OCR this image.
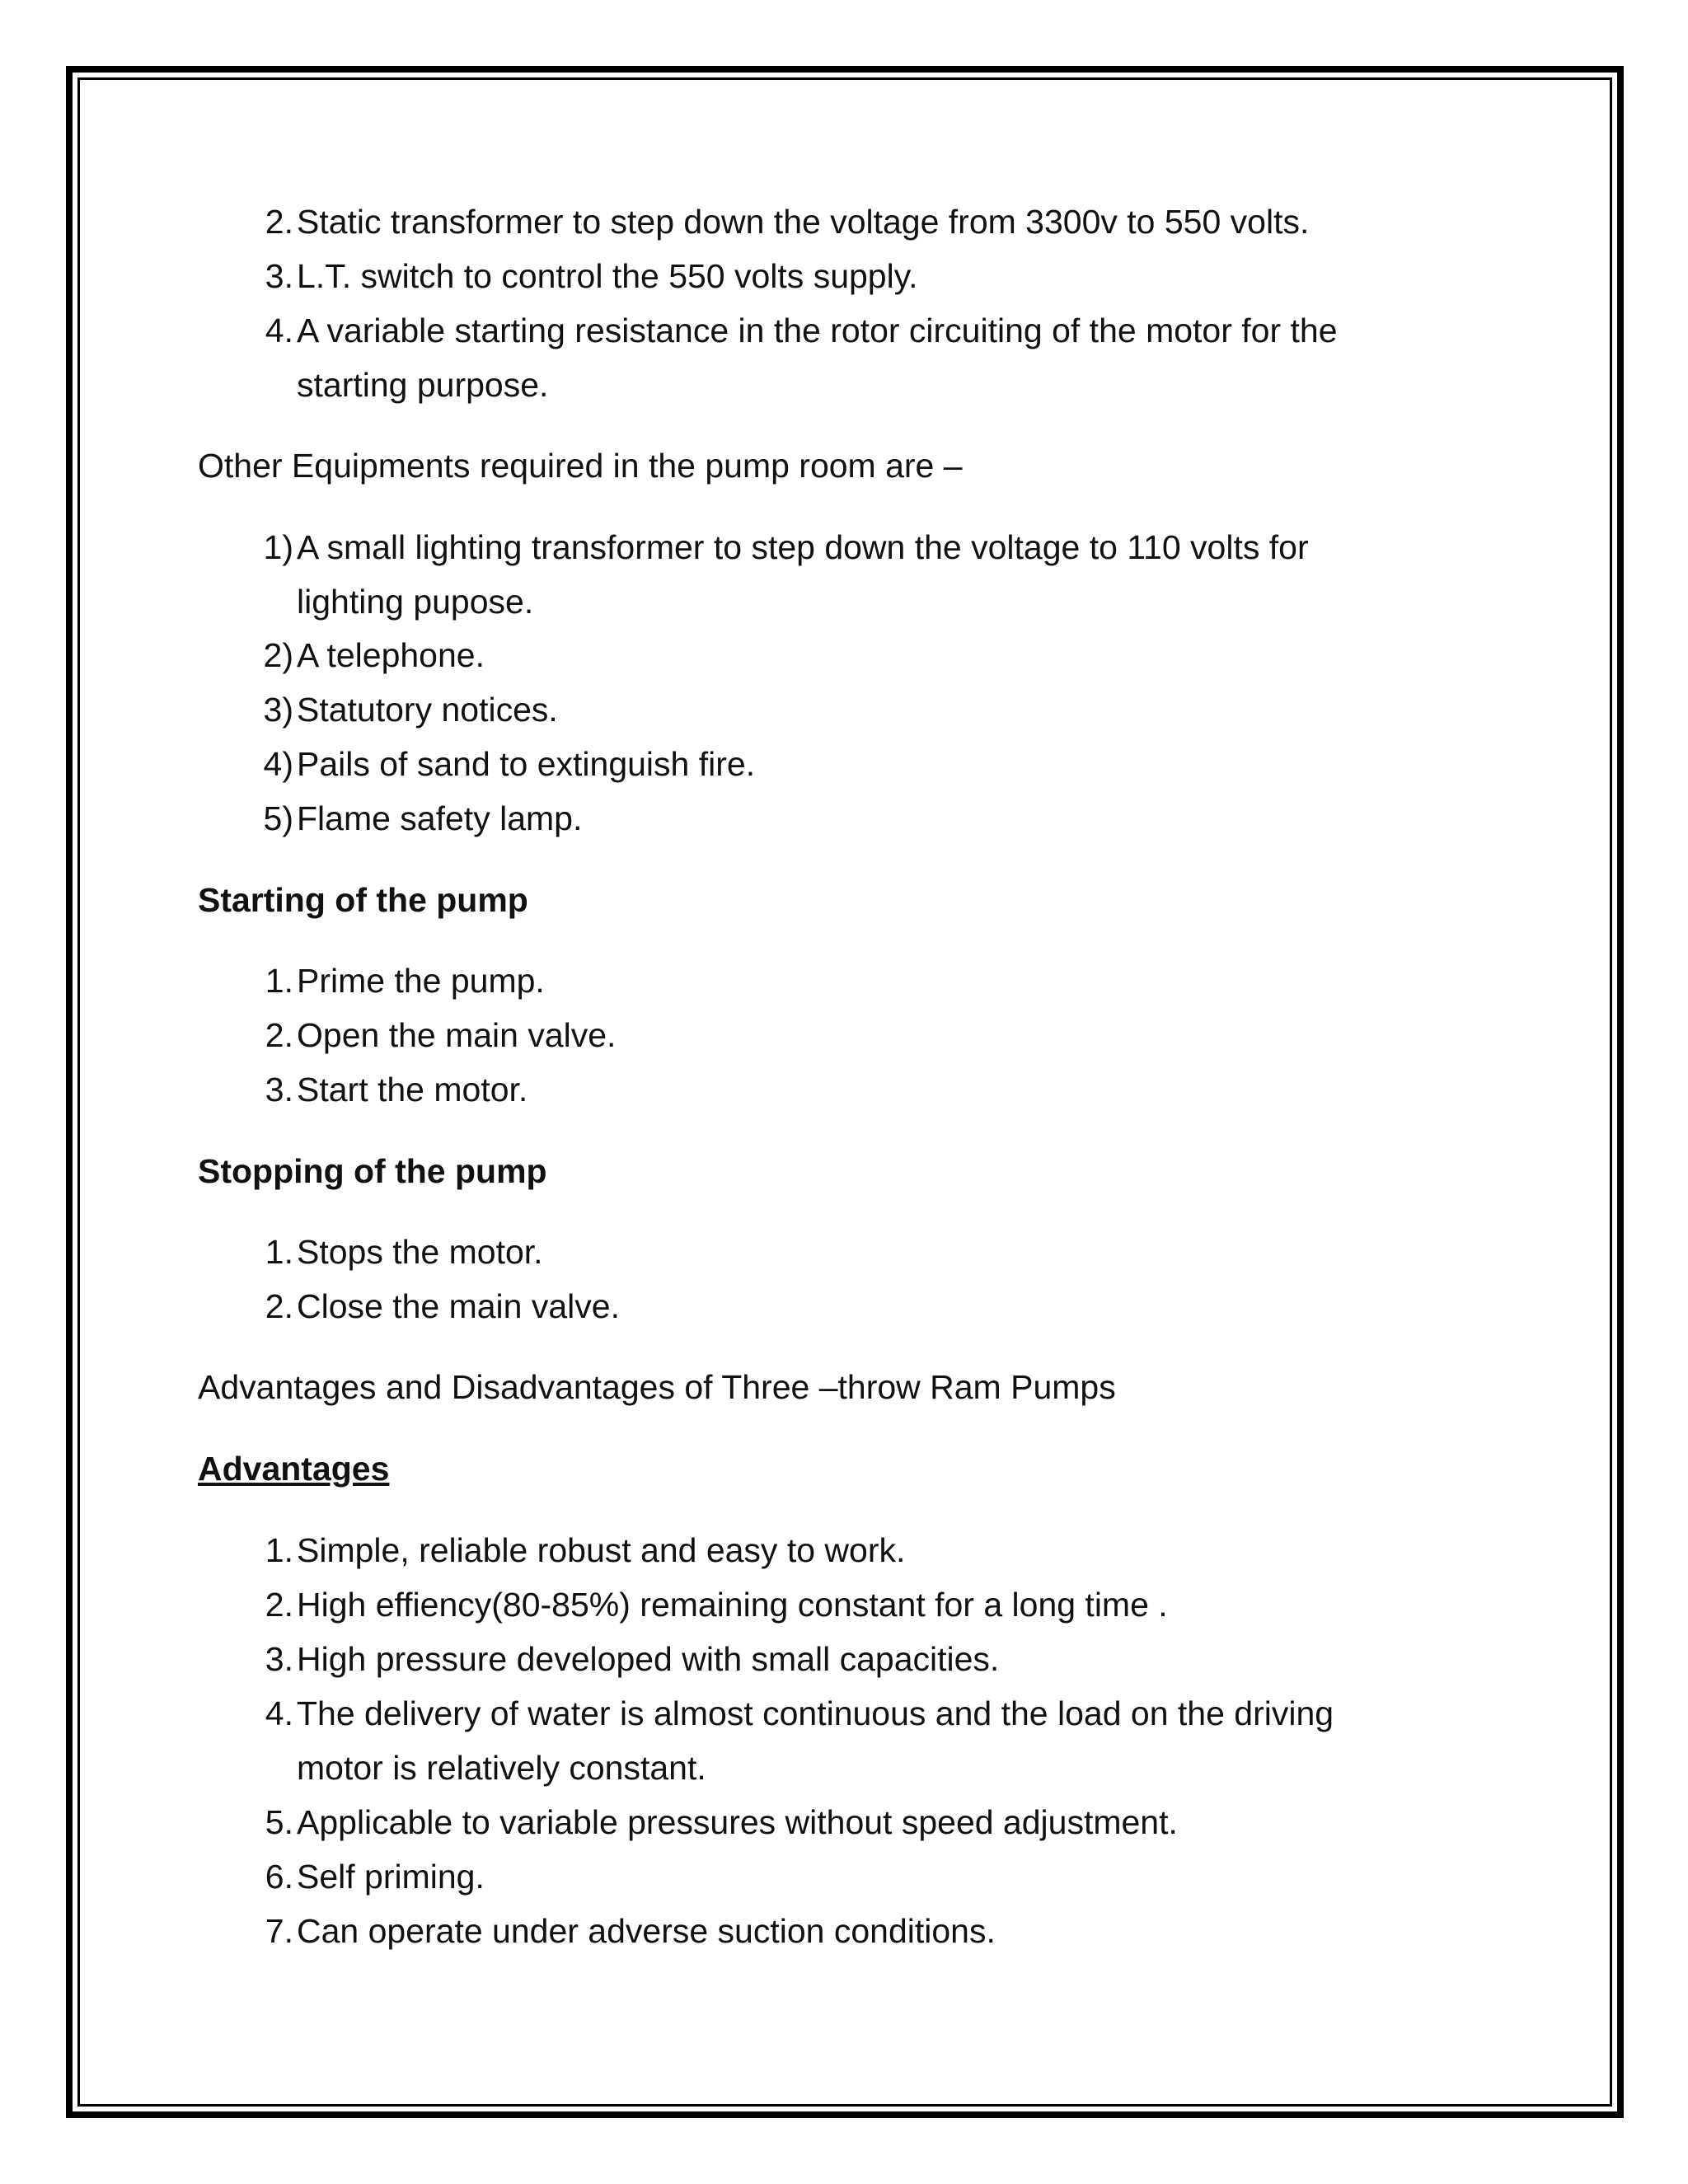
2. Static transformer to step down the voltage from 3300v to 550 volts.
3. L.T. switch to control the 550 volts supply.
4. A variable starting resistance in the rotor circuiting of the motor for the
starting purpose.
Other Equipments required in the pump room are –
1) A small lighting transformer to step down the voltage to 110 volts for
lighting pupose.
2) A telephone.
3) Statutory notices.
4) Pails of sand to extinguish fire.
5) Flame safety lamp.
Starting of the pump
1. Prime the pump.
2. Open the main valve.
3. Start the motor.
Stopping of the pump
1. Stops the motor.
2. Close the main valve.
Advantages and Disadvantages of Three –throw Ram Pumps
Advantages
1. Simple, reliable robust and easy to work.
2. High effiency(80-85%) remaining constant for a long time .
3. High pressure developed with small capacities.
4. The delivery of water is almost continuous and the load on the driving
motor is relatively constant.
5. Applicable to variable pressures without speed adjustment.
6. Self priming.
7. Can operate under adverse suction conditions.
